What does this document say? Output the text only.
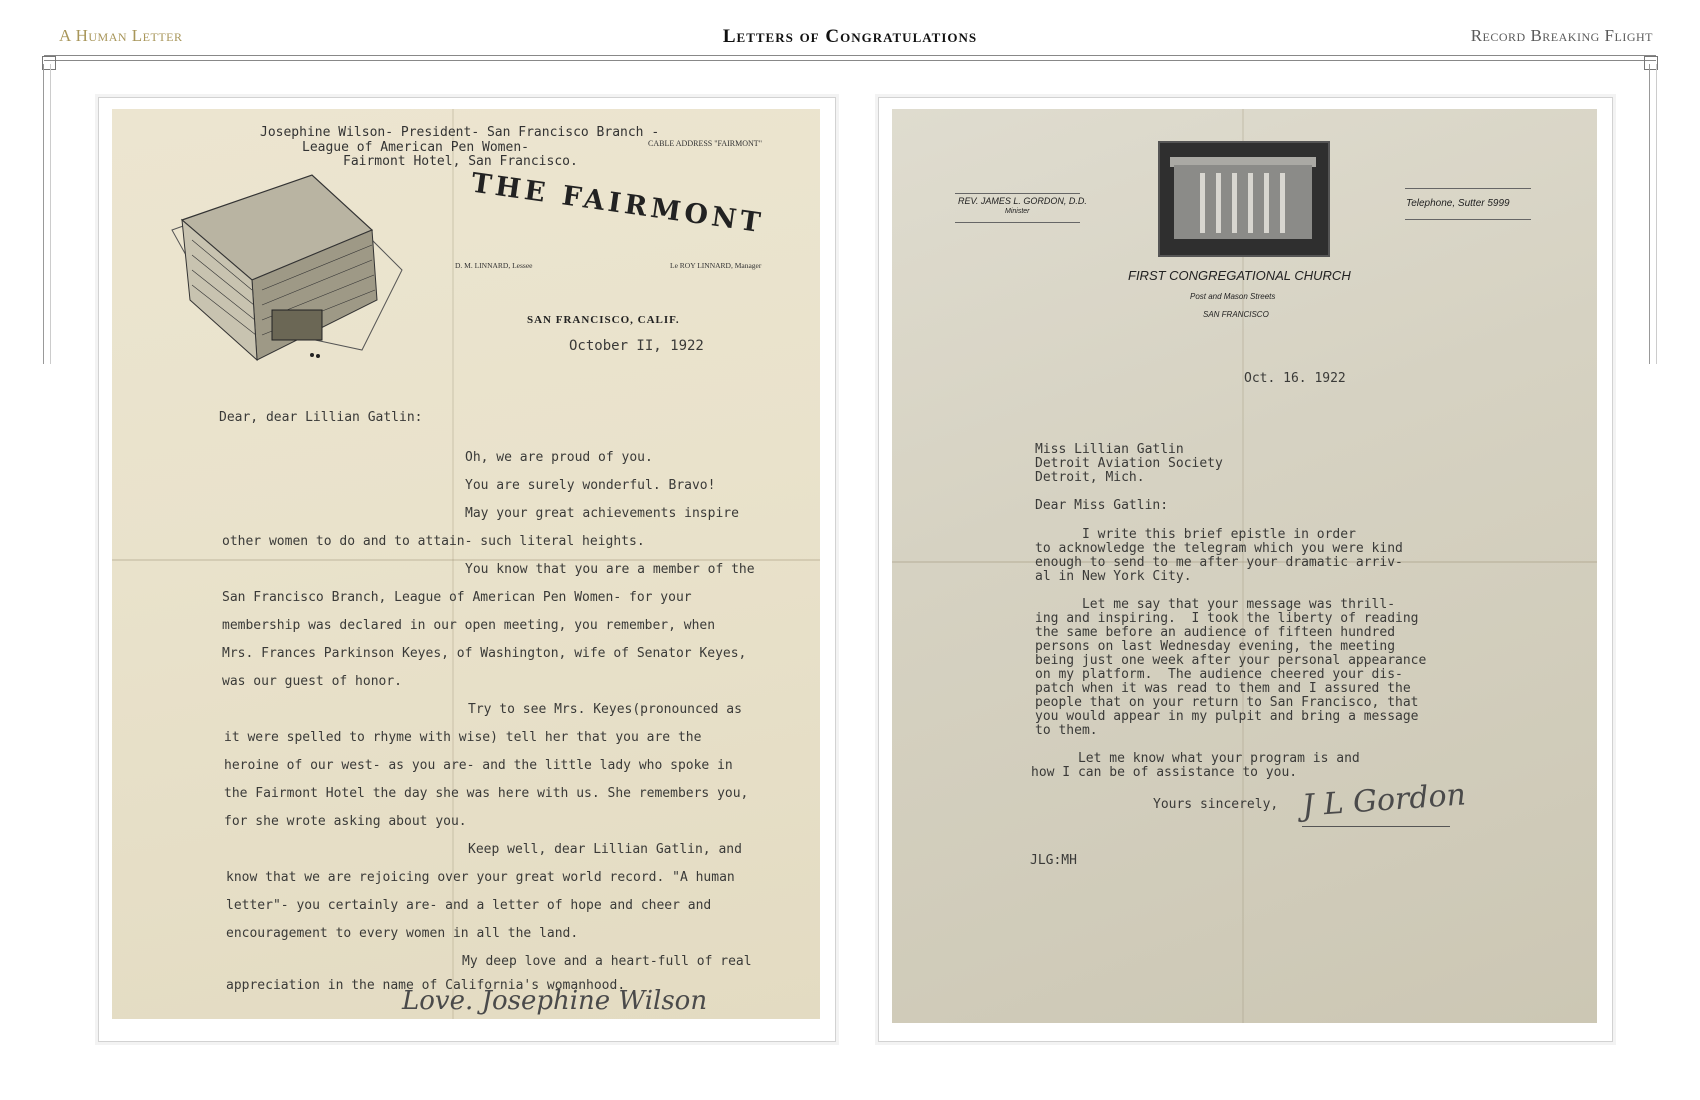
A Human Letter	Letters of Congratulations	Record Breaking Flight
Josephine Wilson- President- San Francisco Branch -
League of American Pen Women-
Fairmont Hotel, San Francisco.
CABLE ADDRESS "FAIRMONT"
THE FAIRMONT
D. M. LINNARD, Lessee	Le ROY LINNARD, Manager
SAN FRANCISCO, CALIF.
October II, 1922
Dear, dear Lillian Gatlin:
Oh, we are proud of you.
You are surely wonderful. Bravo!
May your great achievements inspire
other women to do and to attain- such literal heights.
You know that you are a member of the
San Francisco Branch, League of American Pen Women- for your
membership was declared in our open meeting, you remember, when
Mrs. Frances Parkinson Keyes, of Washington, wife of Senator Keyes,
was our guest of honor.
Try to see Mrs. Keyes(pronounced as
it were spelled to rhyme with wise) tell her that you are the
heroine of our west- as you are- and the little lady who spoke in
the Fairmont Hotel the day she was here with us. She remembers you,
for she wrote asking about you.
Keep well, dear Lillian Gatlin, and
know that we are rejoicing over your great world record. "A human
letter"- you certainly are- and a letter of hope and cheer and
encouragement to every women in all the land.
My deep love and a heart-full of real
appreciation in the name of California's womanhood.
Love. Josephine Wilson
REV. JAMES L. GORDON, D.D.
Minister
Telephone, Sutter 5999
FIRST CONGREGATIONAL CHURCH
Post and Mason Streets
SAN FRANCISCO
Oct. 16. 1922
Miss Lillian Gatlin
Detroit Aviation Society
Detroit, Mich.
Dear Miss Gatlin:
I write this brief epistle in order
to acknowledge the telegram which you were kind
enough to send to me after your dramatic arriv-
al in New York City.
Let me say that your message was thrill-
ing and inspiring.  I took the liberty of reading
the same before an audience of fifteen hundred
persons on last Wednesday evening, the meeting
being just one week after your personal appearance
on my platform.  The audience cheered your dis-
patch when it was read to them and I assured the
people that on your return to San Francisco, that
you would appear in my pulpit and bring a message
to them.
Let me know what your program is and
how I can be of assistance to you.
Yours sincerely, J L Gordon
JLG:MH
